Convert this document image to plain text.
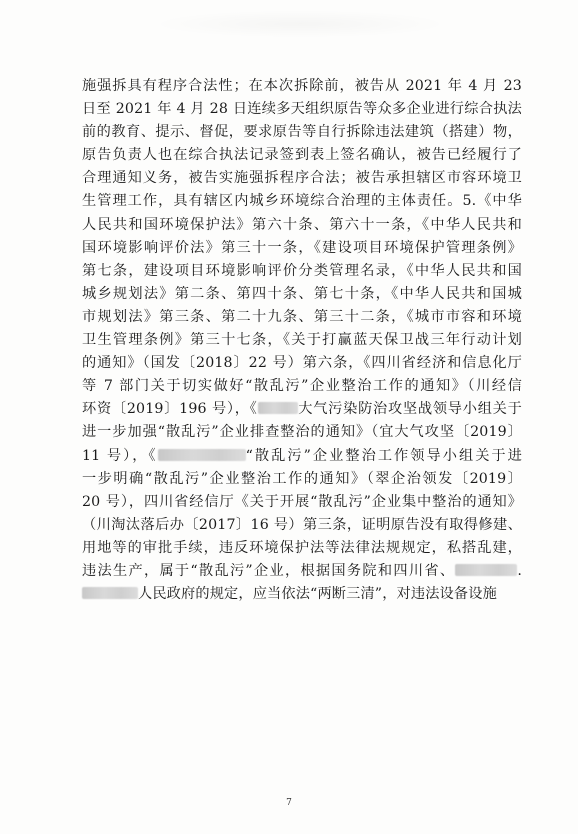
施强拆具有程序合法性；在本次拆除前，被告从 2021 年 4 月 23
日至 2021 年 4 月 28 日连续多天组织原告等众多企业进行综合执法
前的教育、提示、督促，要求原告等自行拆除违法建筑（搭建）物，
原告负责人也在综合执法记录签到表上签名确认，被告已经履行了
合理通知义务，被告实施强拆程序合法；被告承担辖区市容环境卫
生管理工作，具有辖区内城乡环境综合治理的主体责任。5.《中华
人民共和国环境保护法》第六十条、第六十一条，《中华人民共和
国环境影响评价法》第三十一条，《建设项目环境保护管理条例》
第七条，建设项目环境影响评价分类管理名录，《中华人民共和国
城乡规划法》第二条、第四十条、第七十条，《中华人民共和国城
市规划法》第三条、第二十九条、第三十二条，《城市市容和环境
卫生管理条例》第三十七条，《关于打赢蓝天保卫战三年行动计划
的通知》（国发〔2018〕22 号）第六条，《四川省经济和信息化厅
等 7 部门关于切实做好“散乱污”企业整治工作的通知》（川经信
环资〔2019〕196 号），《	大气污染防治攻坚战领导小组关于
进一步加强“散乱污”企业排查整治的通知》（宜大气攻坚〔2019〕
11 号），《	“散乱污”企业整治工作领导小组关于进
一步明确“散乱污”企业整治工作的通知》（翠企治领发〔2019〕
20 号），四川省经信厅《关于开展“散乱污”企业集中整治的通知》
（川淘汰落后办〔2017〕16 号）第三条，证明原告没有取得修建、
用地等的审批手续，违反环境保护法等法律法规规定，私搭乱建，
违法生产，属于“散乱污”企业，根据国务院和四川省、	.
人民政府的规定，应当依法“两断三清”，对违法设备设施
7
